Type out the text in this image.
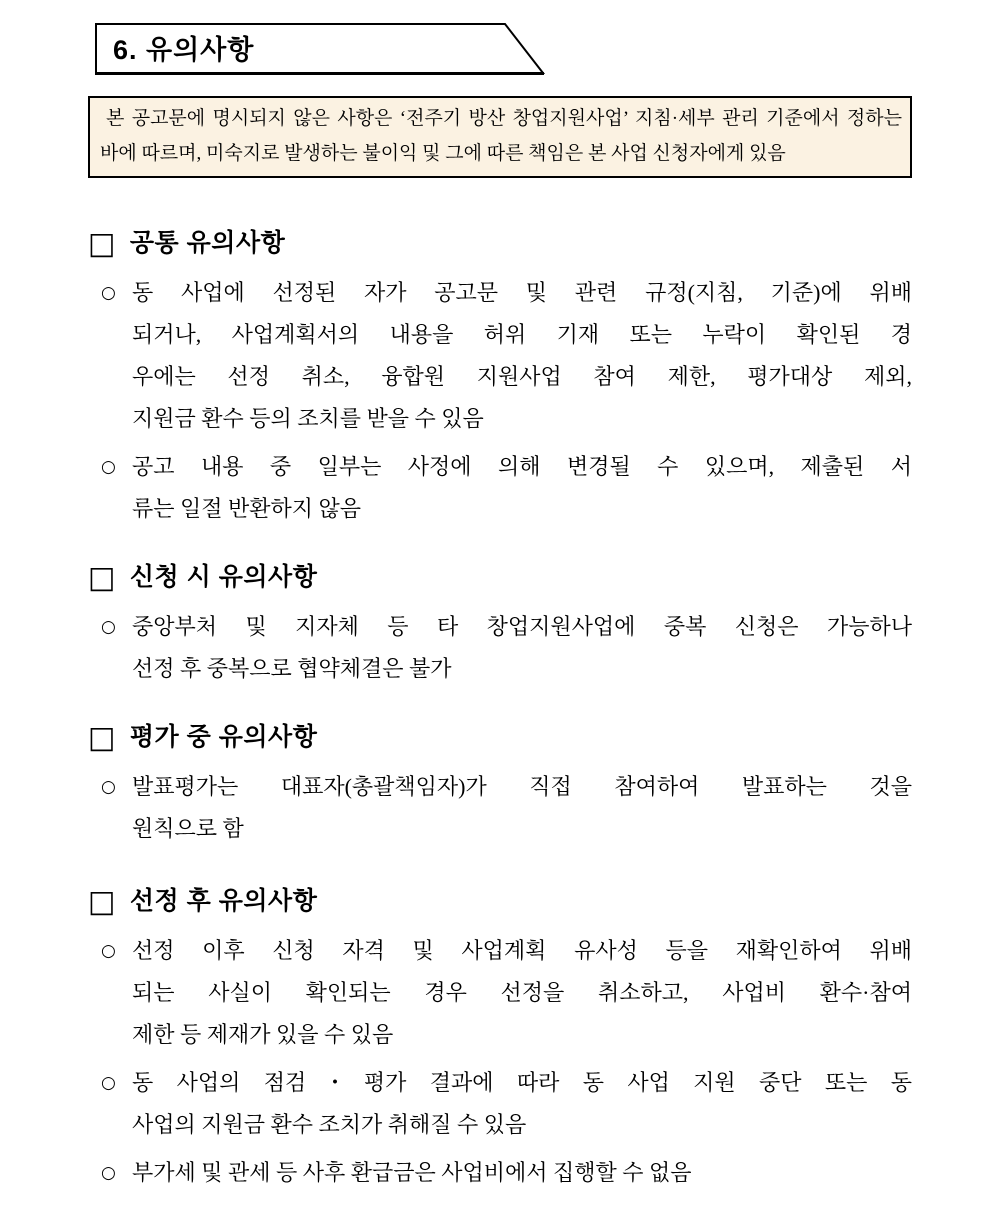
6. 유의사항
본 공고문에 명시되지 않은 사항은 ‘전주기 방산 창업지원사업’ 지침·세부 관리 기준에서 정하는
바에 따르며, 미숙지로 발생하는 불이익 및 그에 따른 책임은 본 사업 신청자에게 있음
□ 공통 유의사항
○ 동 사업에 선정된 자가 공고문 및 관련 규정(지침, 기준)에 위배
되거나, 사업계획서의 내용을 허위 기재 또는 누락이 확인된 경
우에는 선정 취소, 융합원 지원사업 참여 제한, 평가대상 제외,
지원금 환수 등의 조치를 받을 수 있음
○ 공고 내용 중 일부는 사정에 의해 변경될 수 있으며, 제출된 서
류는 일절 반환하지 않음
□ 신청 시 유의사항
○ 중앙부처 및 지자체 등 타 창업지원사업에 중복 신청은 가능하나
선정 후 중복으로 협약체결은 불가
□ 평가 중 유의사항
○ 발표평가는 대표자(총괄책임자)가 직접 참여하여 발표하는 것을
원칙으로 함
□ 선정 후 유의사항
○ 선정 이후 신청 자격 및 사업계획 유사성 등을 재확인하여 위배
되는 사실이 확인되는 경우 선정을 취소하고, 사업비 환수·참여
제한 등 제재가 있을 수 있음
○ 동 사업의 점검・평가 결과에 따라 동 사업 지원 중단 또는 동
사업의 지원금 환수 조치가 취해질 수 있음
○ 부가세 및 관세 등 사후 환급금은 사업비에서 집행할 수 없음
